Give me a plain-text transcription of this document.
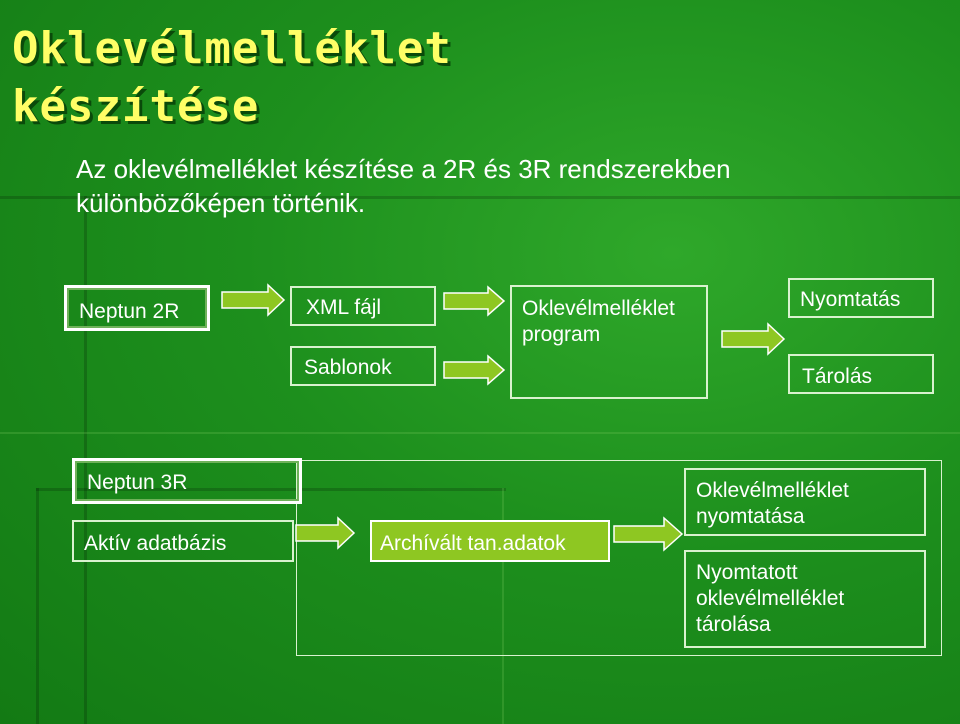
Oklevélmelléklet
készítése
Az oklevélmelléklet készítése a 2R és 3R rendszerekben különbözőképen történik.
Neptun 2R	XML fájl
Sablonok
Oklevélmelléklet program
Nyomtatás
Tárolás
Neptun 3R
Aktív adatbázis	Archívált tan.adatok
Oklevélmelléklet nyomtatása
Nyomtatott oklevélmelléklet tárolása
